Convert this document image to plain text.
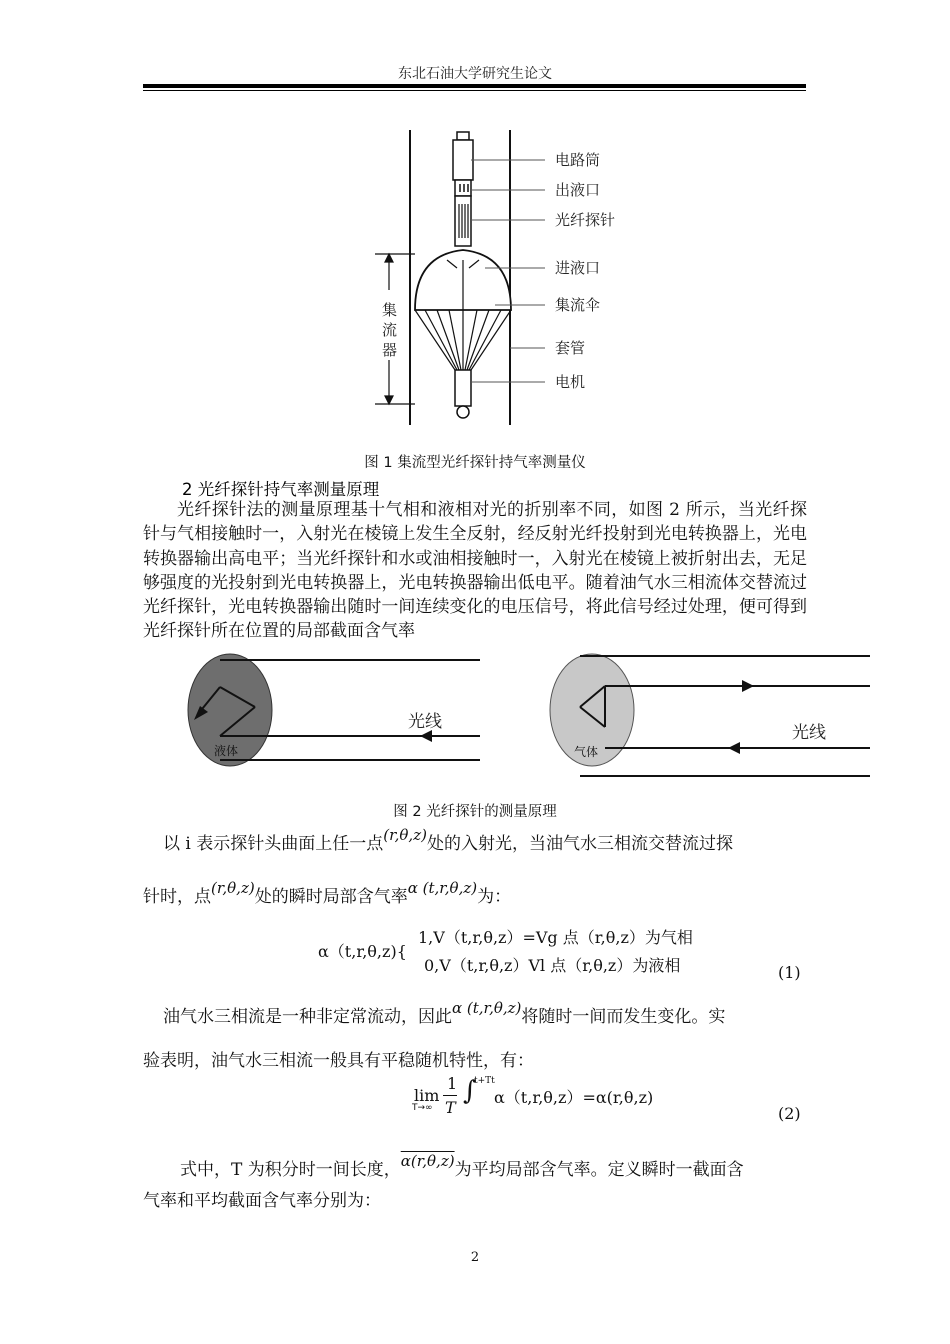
东北石油大学研究生论文
电路筒
出液口
光纤探针
进液口
集流伞
套管
电机
集
流
器
图 1 集流型光纤探针持气率测量仪
2 光纤探针持气率测量原理
光纤探针法的测量原理基十气相和液相对光的折别率不同，如图 2 所示，当光纤探针与气相接触时一，入射光在棱镜上发生全反射，经反射光纤投射到光电转换器上，光电转换器输出高电平；当光纤探针和水或油相接触时一，入射光在棱镜上被折射出去，无足够强度的光投射到光电转换器上，光电转换器输出低电平。随着油气水三相流体交替流过光纤探针，光电转换器输出随时一间连续变化的电压信号，将此信号经过处理，便可得到光纤探针所在位置的局部截面含气率
液体
光线
气体
光线
图 2 光纤探针的测量原理
以 i 表示探针头曲面上任一点(r,θ,z)处的入射光，当油气水三相流交替流过探
针时，点(r,θ,z)处的瞬时局部含气率α (t,r,θ,z)为：
α（t,r,θ,z){
1,V（t,r,θ,z）=Vg 点（r,θ,z）为气相
0,V（t,r,θ,z）Vl 点（r,θ,z）为液相	(1)
油气水三相流是一种非定常流动，因此α (t,r,θ,z)将随时一间而发生变化。实
验表明，油气水三相流一般具有平稳随机特性，有：
lim
T→∞
1
T
∫
t+Tt
α（t,r,θ,z）=α(r,θ,z)
(2)
式中，T 为积分时一间长度，α(r,θ,z)为平均局部含气率。定义瞬时一截面含
气率和平均截面含气率分别为：
2
